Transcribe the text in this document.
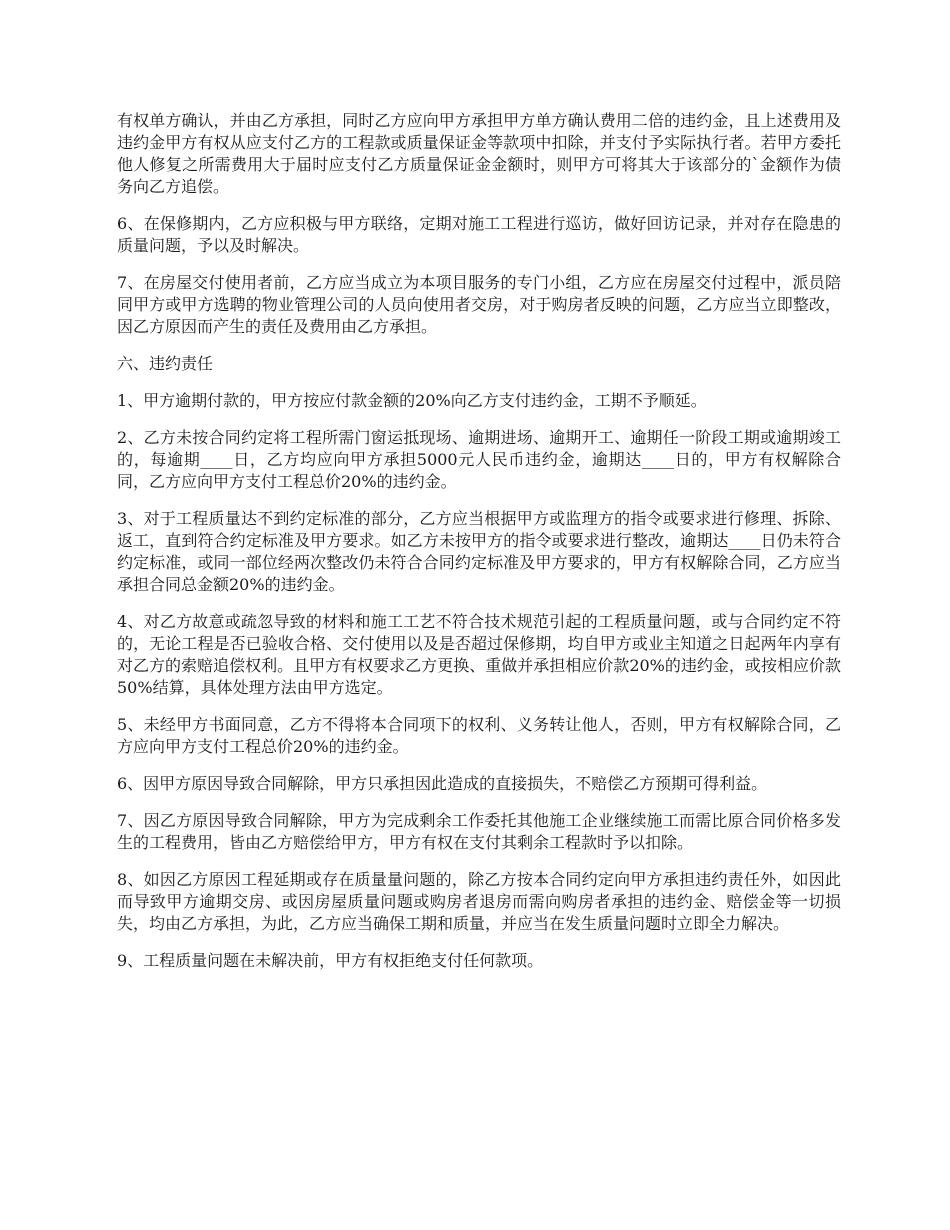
有权单方确认，并由乙方承担，同时乙方应向甲方承担甲方单方确认费用二倍的违约金，且上述费用及违约金甲方有权从应支付乙方的工程款或质量保证金等款项中扣除，并支付予实际执行者。若甲方委托他人修复之所需费用大于届时应支付乙方质量保证金金额时，则甲方可将其大于该部分的`金额作为债务向乙方追偿。

6、在保修期内，乙方应积极与甲方联络，定期对施工工程进行巡访，做好回访记录，并对存在隐患的质量问题，予以及时解决。

7、在房屋交付使用者前，乙方应当成立为本项目服务的专门小组，乙方应在房屋交付过程中，派员陪同甲方或甲方选聘的物业管理公司的人员向使用者交房，对于购房者反映的问题，乙方应当立即整改，因乙方原因而产生的责任及费用由乙方承担。

六、违约责任

1、甲方逾期付款的，甲方按应付款金额的20%向乙方支付违约金，工期不予顺延。

2、乙方未按合同约定将工程所需门窗运抵现场、逾期进场、逾期开工、逾期任一阶段工期或逾期竣工的，每逾期____日，乙方均应向甲方承担5000元人民币违约金，逾期达____日的，甲方有权解除合同，乙方应向甲方支付工程总价20%的违约金。

3、对于工程质量达不到约定标准的部分，乙方应当根据甲方或监理方的指令或要求进行修理、拆除、返工，直到符合约定标准及甲方要求。如乙方未按甲方的指令或要求进行整改，逾期达____日仍未符合约定标准，或同一部位经两次整改仍未符合合同约定标准及甲方要求的，甲方有权解除合同，乙方应当承担合同总金额20%的违约金。

4、对乙方故意或疏忽导致的材料和施工工艺不符合技术规范引起的工程质量问题，或与合同约定不符的，无论工程是否已验收合格、交付使用以及是否超过保修期，均自甲方或业主知道之日起两年内享有对乙方的索赔追偿权利。且甲方有权要求乙方更换、重做并承担相应价款20%的违约金，或按相应价款50%结算，具体处理方法由甲方选定。

5、未经甲方书面同意，乙方不得将本合同项下的权利、义务转让他人，否则，甲方有权解除合同，乙方应向甲方支付工程总价20%的违约金。

6、因甲方原因导致合同解除，甲方只承担因此造成的直接损失，不赔偿乙方预期可得利益。

7、因乙方原因导致合同解除，甲方为完成剩余工作委托其他施工企业继续施工而需比原合同价格多发生的工程费用，皆由乙方赔偿给甲方，甲方有权在支付其剩余工程款时予以扣除。

8、如因乙方原因工程延期或存在质量量问题的，除乙方按本合同约定向甲方承担违约责任外，如因此而导致甲方逾期交房、或因房屋质量问题或购房者退房而需向购房者承担的违约金、赔偿金等一切损失，均由乙方承担，为此，乙方应当确保工期和质量，并应当在发生质量问题时立即全力解决。

9、工程质量问题在未解决前，甲方有权拒绝支付任何款项。
